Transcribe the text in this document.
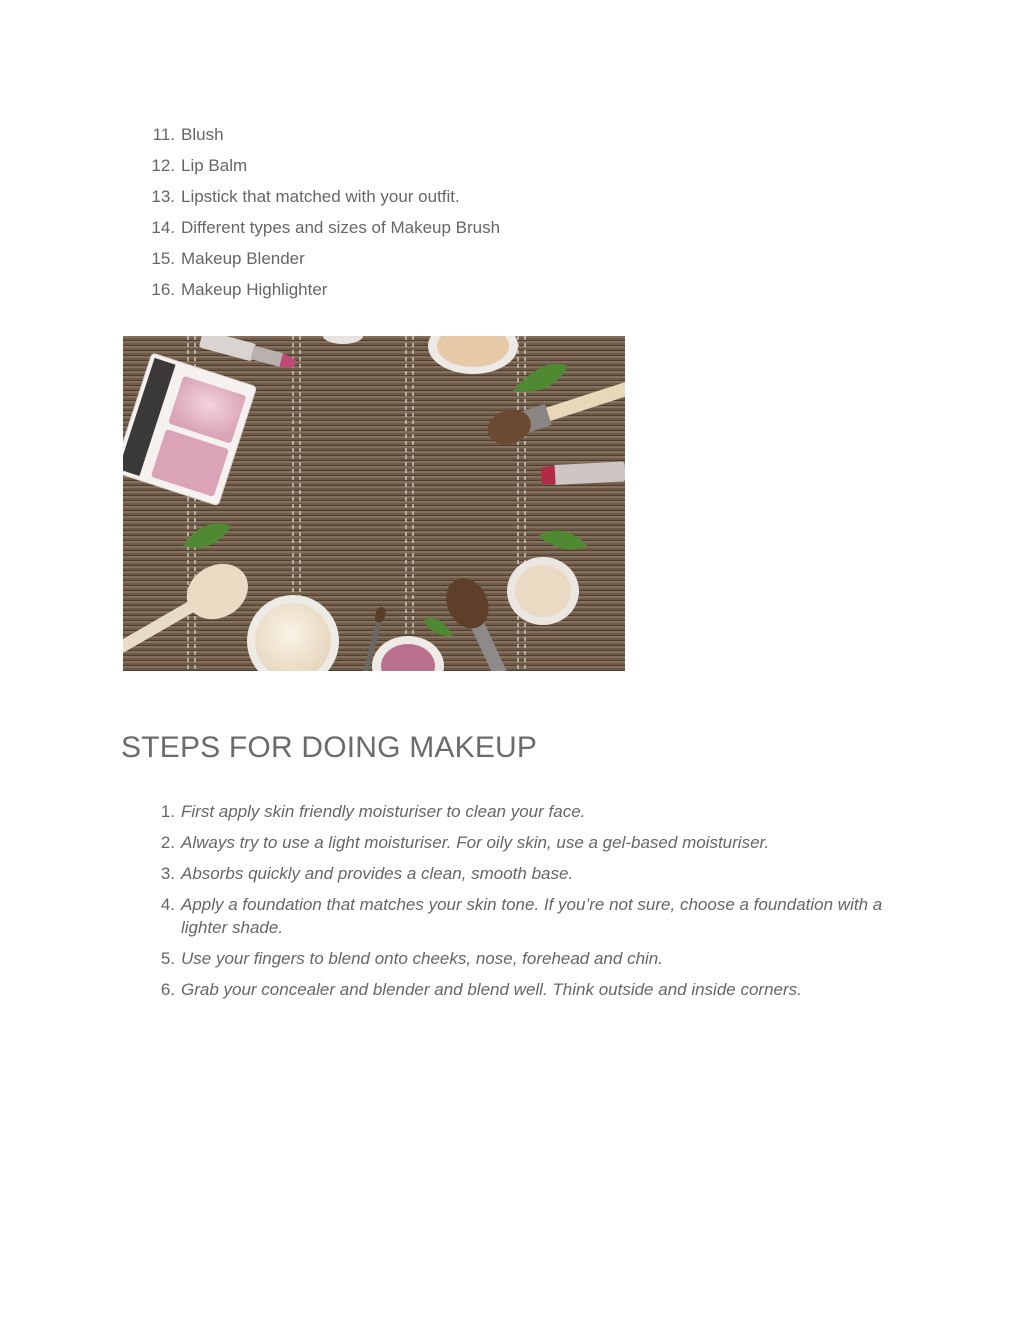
11. Blush
12. Lip Balm
13. Lipstick that matched with your outfit.
14. Different types and sizes of Makeup Brush
15. Makeup Blender
16. Makeup Highlighter
STEPS FOR DOING MAKEUP
1. First apply skin friendly moisturiser to clean your face.
2. Always try to use a light moisturiser. For oily skin, use a gel-based moisturiser.
3. Absorbs quickly and provides a clean, smooth base.
4. Apply a foundation that matches your skin tone. If you’re not sure, choose a foundation with a lighter shade.
5. Use your fingers to blend onto cheeks, nose, forehead and chin.
6. Grab your concealer and blender and blend well. Think outside and inside corners.
